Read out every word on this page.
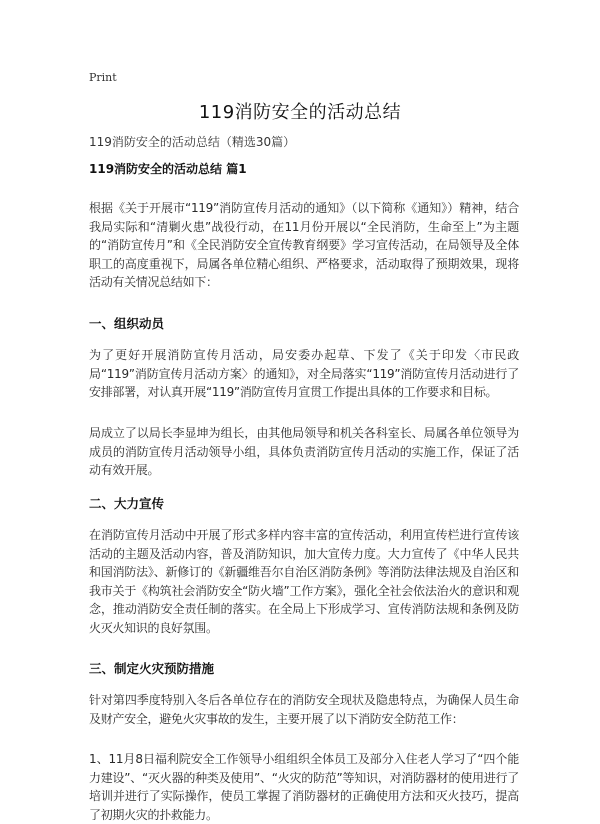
Print
119消防安全的活动总结
119消防安全的活动总结（精选30篇）
119消防安全的活动总结 篇1
根据《关于开展市“119”消防宣传月活动的通知》（以下简称《通知》）精神，结合我局实际和“清剿火患”战役行动，在11月份开展以“全民消防，生命至上”为主题的“消防宣传月”和《全民消防安全宣传教育纲要》学习宣传活动，在局领导及全体职工的高度重视下，局属各单位精心组织、严格要求，活动取得了预期效果，现将活动有关情况总结如下：
一、组织动员
为了更好开展消防宣传月活动，局安委办起草、下发了《关于印发〈市民政局“119”消防宣传月活动方案〉的通知》，对全局落实“119”消防宣传月活动进行了安排部署，对认真开展“119”消防宣传月宣贯工作提出具体的工作要求和目标。
局成立了以局长李显坤为组长，由其他局领导和机关各科室长、局属各单位领导为成员的消防宣传月活动领导小组，具体负责消防宣传月活动的实施工作，保证了活动有效开展。
二、大力宣传
在消防宣传月活动中开展了形式多样内容丰富的宣传活动，利用宣传栏进行宣传该活动的主题及活动内容，普及消防知识，加大宣传力度。大力宣传了《中华人民共和国消防法》、新修订的《新疆维吾尔自治区消防条例》等消防法律法规及自治区和我市关于《构筑社会消防安全“防火墙”工作方案》，强化全社会依法治火的意识和观念，推动消防安全责任制的落实。在全局上下形成学习、宣传消防法规和条例及防火灭火知识的良好氛围。
三、制定火灾预防措施
针对第四季度特别入冬后各单位存在的消防安全现状及隐患特点，为确保人员生命及财产安全，避免火灾事故的发生，主要开展了以下消防安全防范工作：
1、11月8日福利院安全工作领导小组组织全体员工及部分入住老人学习了“四个能力建设”、“灭火器的种类及使用”、“火灾的防范”等知识，对消防器材的使用进行了培训并进行了实际操作，使员工掌握了消防器材的正确使用方法和灭火技巧，提高了初期火灾的扑救能力。
